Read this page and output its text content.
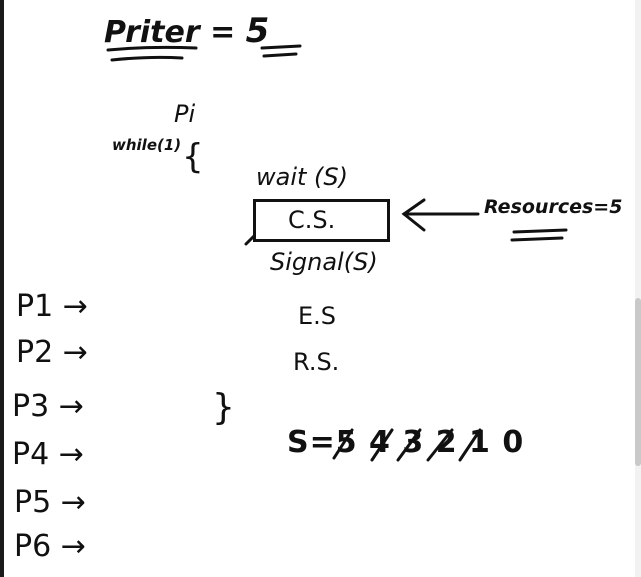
Priter = 5
Pi
while(1) { wait (S)
C.S.
Signal(S)
E.S
R.S.
}
Resources=5
P1 →
P2 →
P3 →
P4 →
P5 →
P6 →
S=5 4 3 2 1 0
